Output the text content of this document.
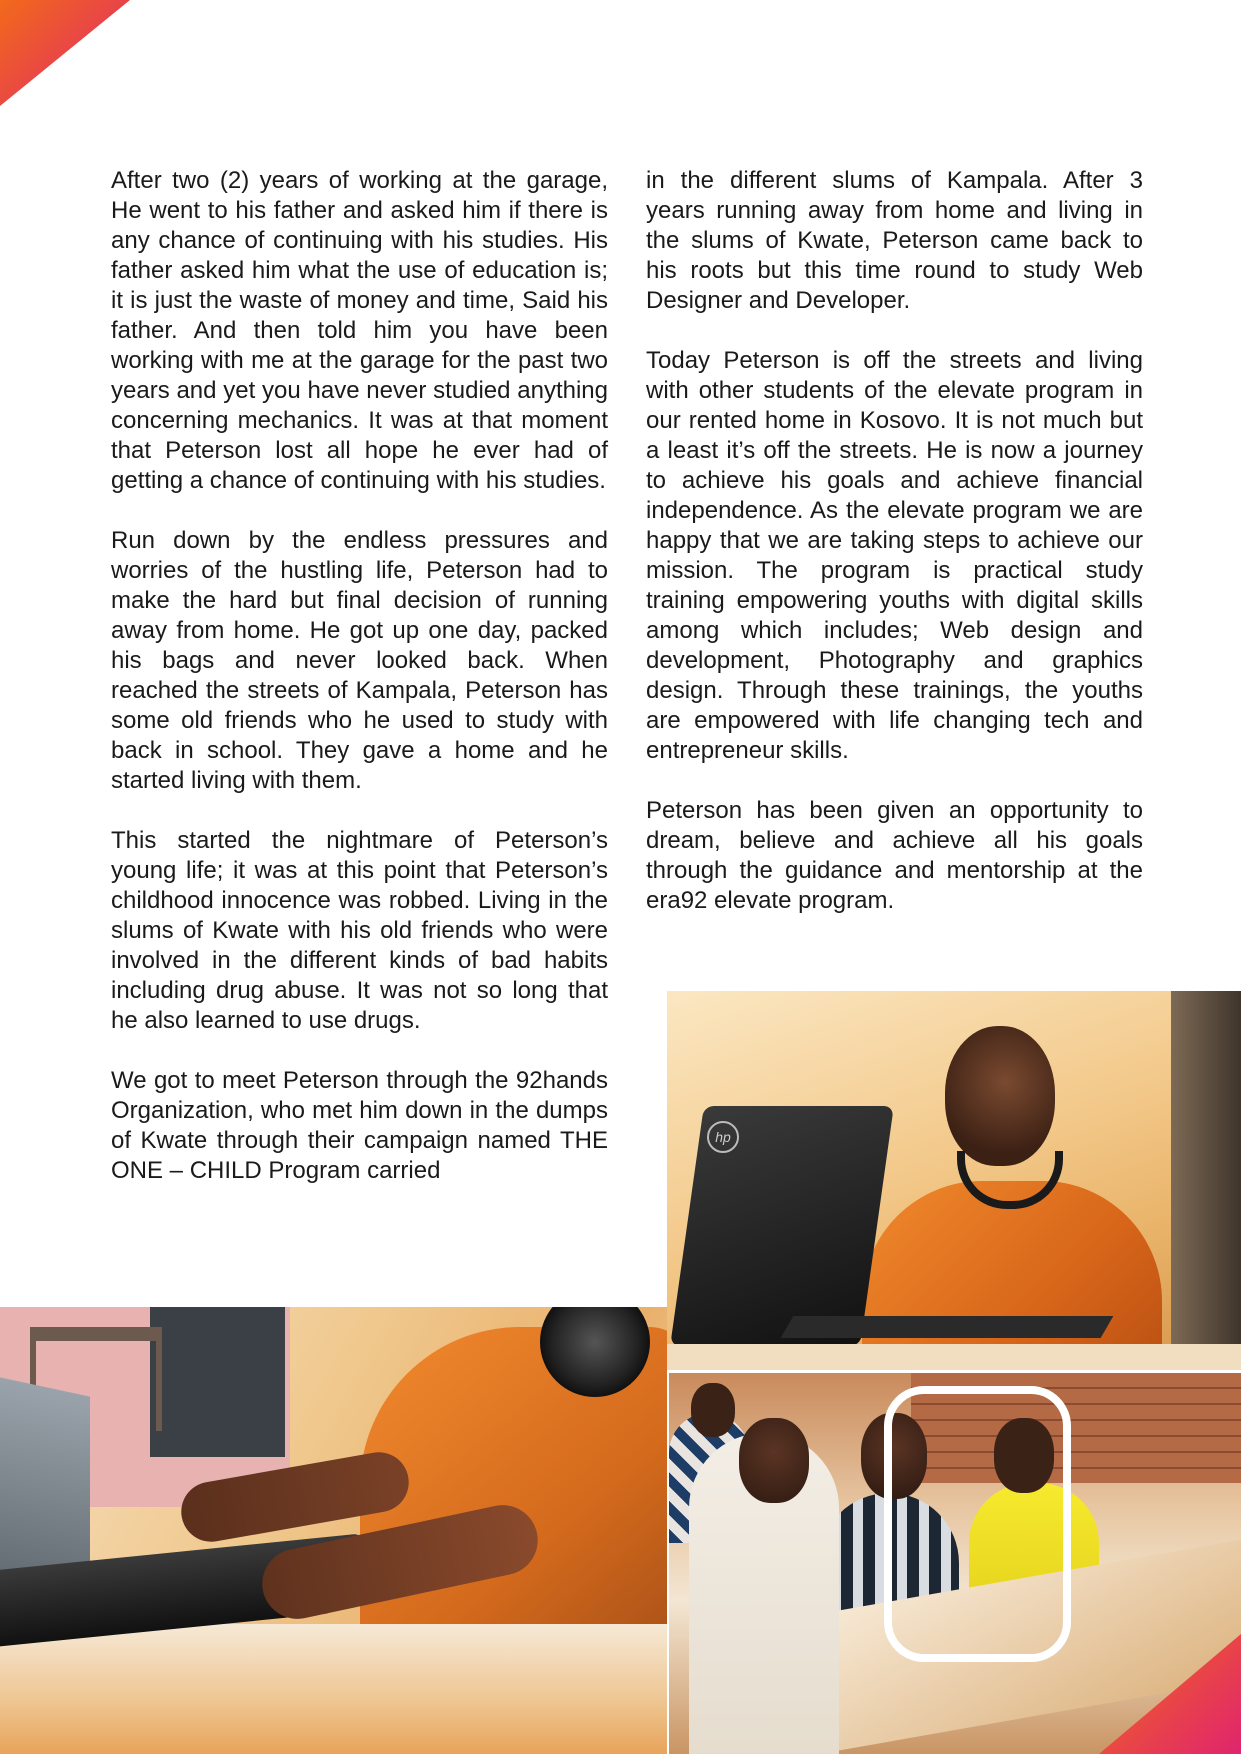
After two (2) years of working at the garage, He went to his father and asked him if there is any chance of continuing with his studies. His father asked him what the use of education is; it is just the waste of money and time, Said his father. And then told him you have been working with me at the garage for the past two years and yet you have never studied anything concerning mechanics. It was at that moment that Peterson lost all hope he ever had of getting a chance of continuing with his studies.

Run down by the endless pressures and worries of the hustling life, Peterson had to make the hard but final decision of running away from home. He got up one day, packed his bags and never looked back. When reached the streets of Kampala, Peterson has some old friends who he used to study with back in school. They gave a home and he started living with them.

This started the nightmare of Peterson’s young life; it was at this point that Peterson’s childhood innocence was robbed. Living in the slums of Kwate with his old friends who were involved in the different kinds of bad habits including drug abuse. It was not so long that he also learned to use drugs.

We got to meet Peterson through the 92hands Organization, who met him down in the dumps of Kwate through their campaign named THE ONE – CHILD Program carried

in the different slums of Kampala. After 3 years running away from home and living in the slums of Kwate, Peterson came back to his roots but this time round to study Web Designer and Developer.

Today Peterson is off the streets and living with other students of the elevate program in our rented home in Kosovo. It is not much but a least it’s off the streets. He is now a journey to achieve his goals and achieve financial independence. As the elevate program we are happy that we are taking steps to achieve our mission. The program is practical study training empowering youths with digital skills among which includes; Web design and development, Photography and graphics design. Through these trainings, the youths are empowered with life changing tech and entrepreneur skills.

Peterson has been given an opportunity to dream, believe and achieve all his goals through the guidance and mentorship at the era92 elevate program.

hp
